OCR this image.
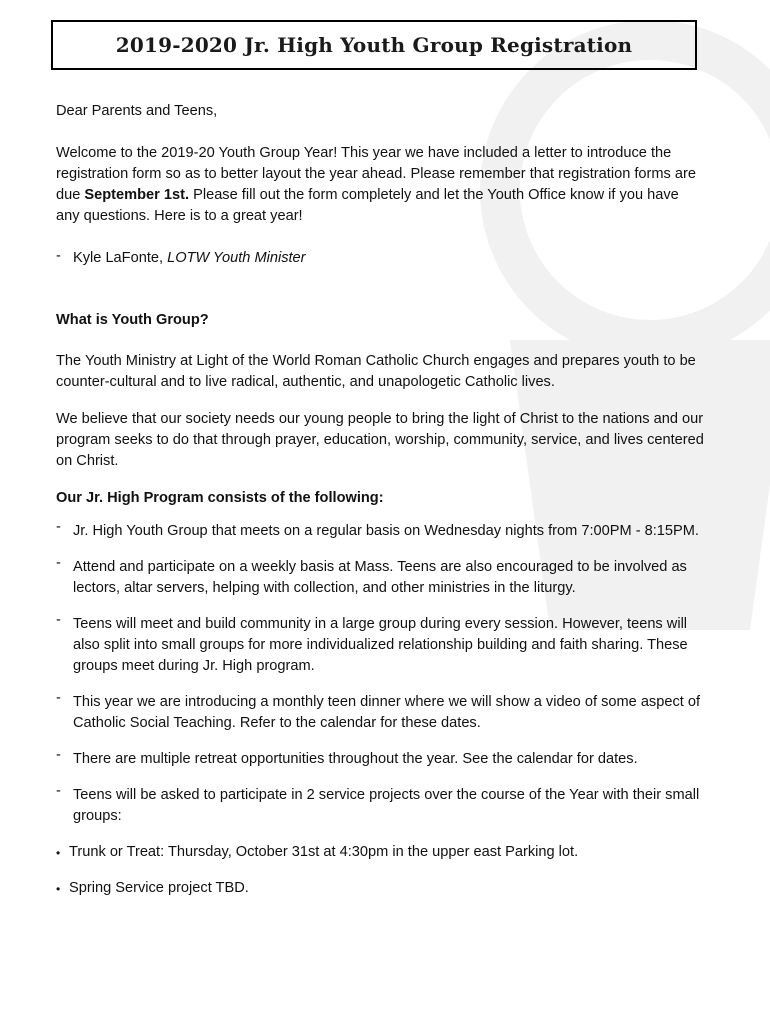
2019-2020 Jr. High Youth Group Registration

Dear Parents and Teens,

Welcome to the 2019-20 Youth Group Year! This year we have included a letter to introduce the registration form so as to better layout the year ahead. Please remember that registration forms are due September 1st. Please fill out the form completely and let the Youth Office know if you have any questions. Here is to a great year!

- Kyle LaFonte, LOTW Youth Minister

What is Youth Group?

The Youth Ministry at Light of the World Roman Catholic Church engages and prepares youth to be counter-cultural and to live radical, authentic, and unapologetic Catholic lives.

We believe that our society needs our young people to bring the light of Christ to the nations and our program seeks to do that through prayer, education, worship, community, service, and lives centered on Christ.

Our Jr. High Program consists of the following:

- Jr. High Youth Group that meets on a regular basis on Wednesday nights from 7:00PM - 8:15PM.
- Attend and participate on a weekly basis at Mass. Teens are also encouraged to be involved as lectors, altar servers, helping with collection, and other ministries in the liturgy.
- Teens will meet and build community in a large group during every session. However, teens will also split into small groups for more individualized relationship building and faith sharing. These groups meet during Jr. High program.
- This year we are introducing a monthly teen dinner where we will show a video of some aspect of Catholic Social Teaching. Refer to the calendar for these dates.
- There are multiple retreat opportunities throughout the year. See the calendar for dates.
- Teens will be asked to participate in 2 service projects over the course of the Year with their small groups:
• Trunk or Treat: Thursday, October 31st at 4:30pm in the upper east Parking lot.
• Spring Service project TBD.
